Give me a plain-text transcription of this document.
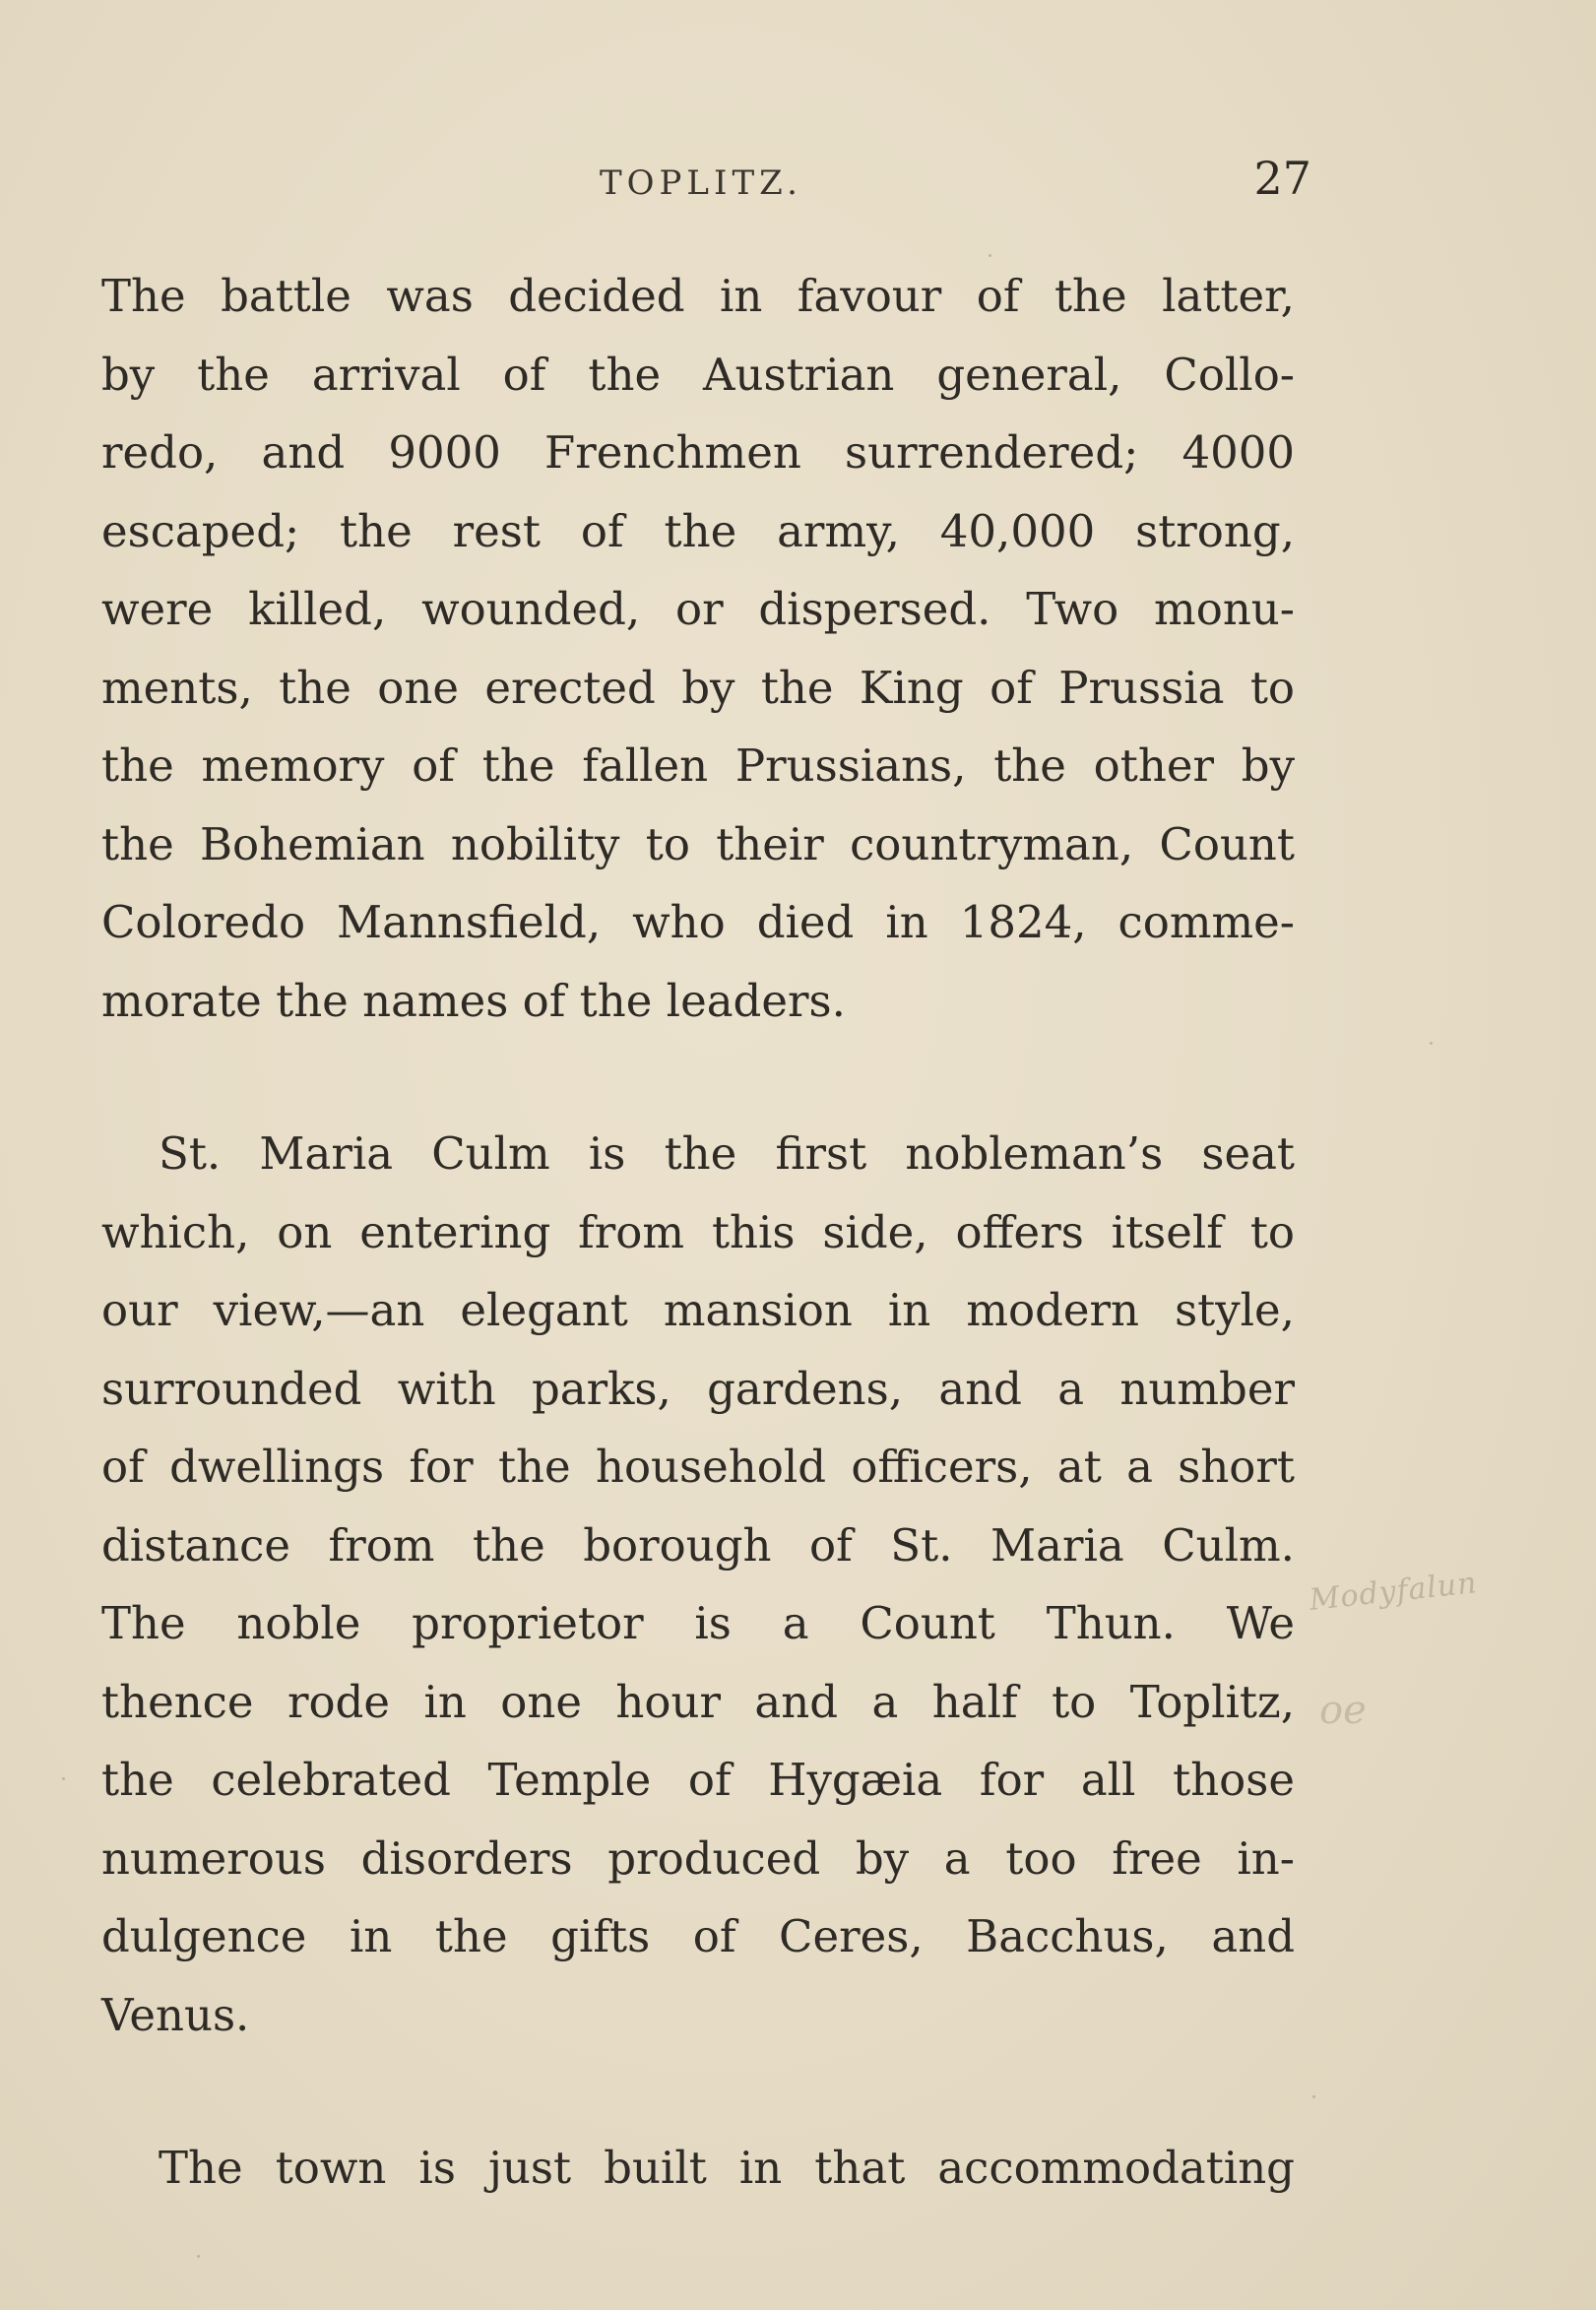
TOPLITZ.	27
The battle was decided in favour of the latter,
by the arrival of the Austrian general, Collo-
redo, and 9000 Frenchmen surrendered; 4000
escaped; the rest of the army, 40,000 strong,
were killed, wounded, or dispersed. Two monu-
ments, the one erected by the King of Prussia to
the memory of the fallen Prussians, the other by
the Bohemian nobility to their countryman, Count
Coloredo Mannsfield, who died in 1824, comme-
morate the names of the leaders.
St. Maria Culm is the first nobleman’s seat
which, on entering from this side, offers itself to
our view,—an elegant mansion in modern style,
surrounded with parks, gardens, and a number
of dwellings for the household officers, at a short
distance from the borough of St. Maria Culm.
The noble proprietor is a Count Thun. We
thence rode in one hour and a half to Toplitz,
the celebrated Temple of Hygæia for all those
numerous disorders produced by a too free in-
dulgence in the gifts of Ceres, Bacchus, and
Venus.
The town is just built in that accommodating
Modyfalun
oe
